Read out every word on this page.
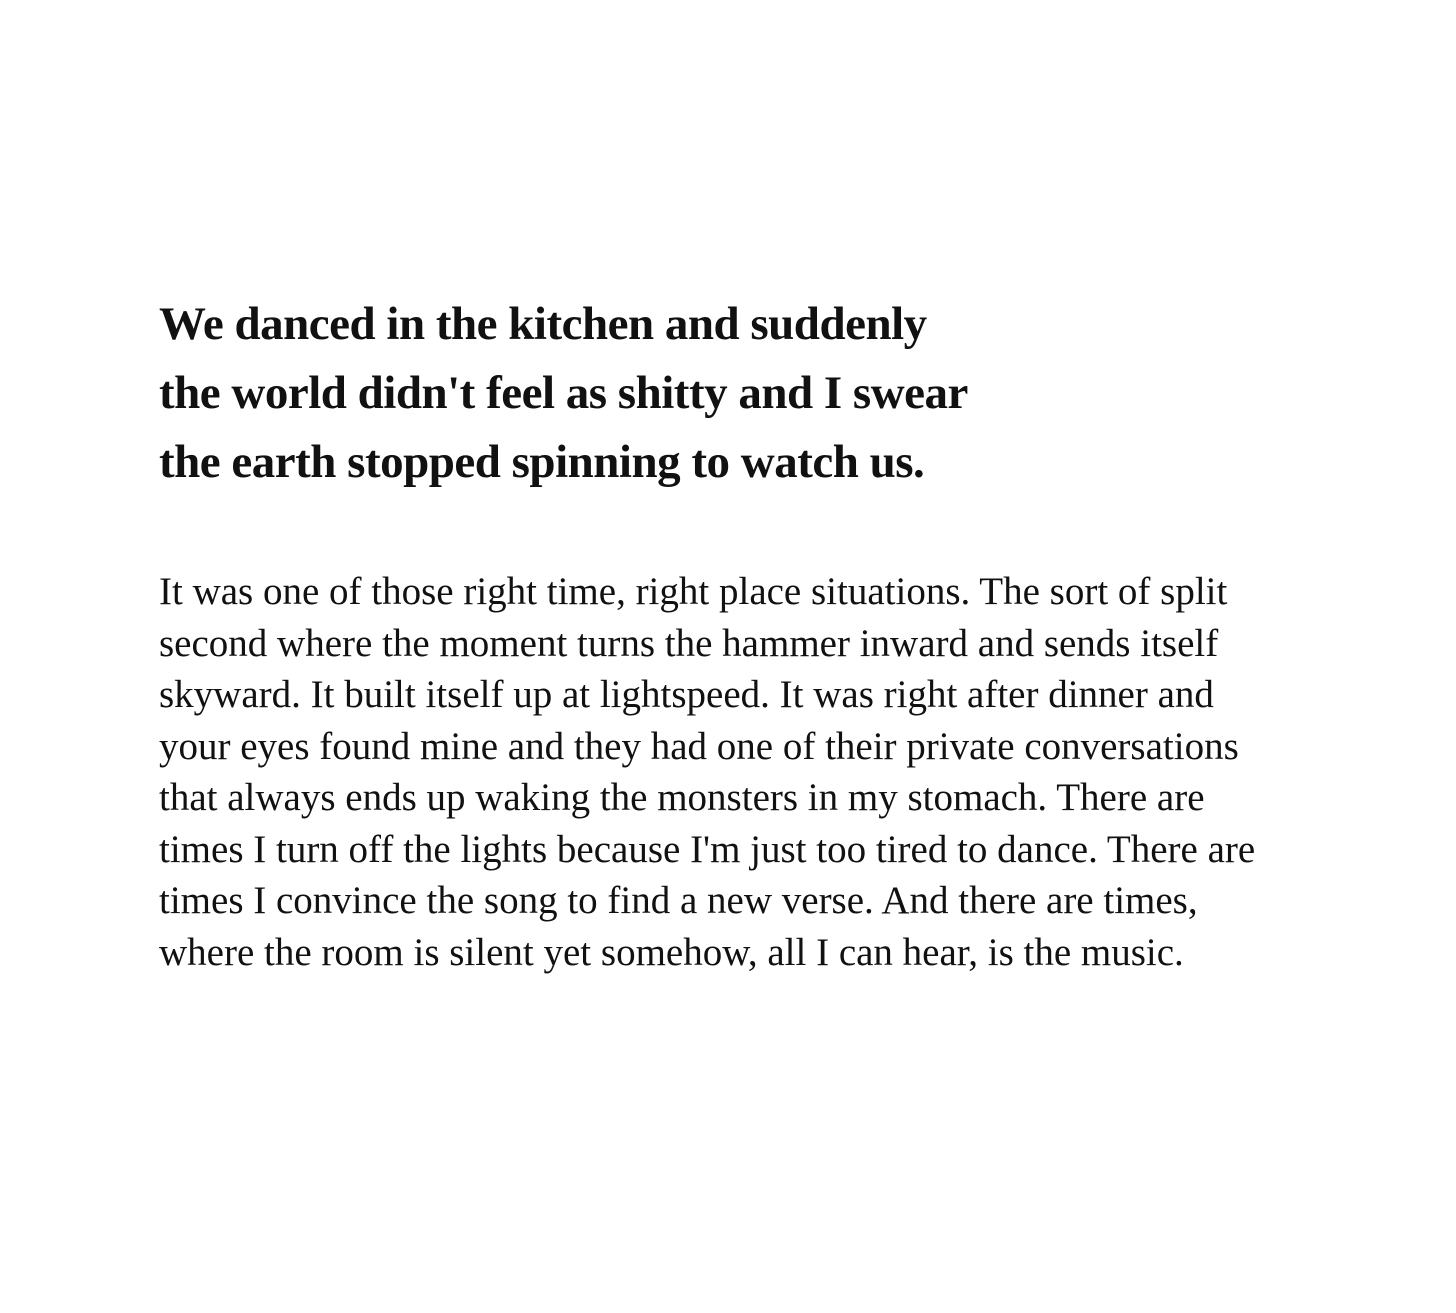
We danced in the kitchen and suddenly
the world didn't feel as shitty and I swear
the earth stopped spinning to watch us.

It was one of those right time, right place situations. The sort of split
second where the moment turns the hammer inward and sends itself
skyward. It built itself up at lightspeed. It was right after dinner and
your eyes found mine and they had one of their private conversations
that always ends up waking the monsters in my stomach. There are
times I turn off the lights because I'm just too tired to dance. There are
times I convince the song to find a new verse. And there are times,
where the room is silent yet somehow, all I can hear, is the music.
